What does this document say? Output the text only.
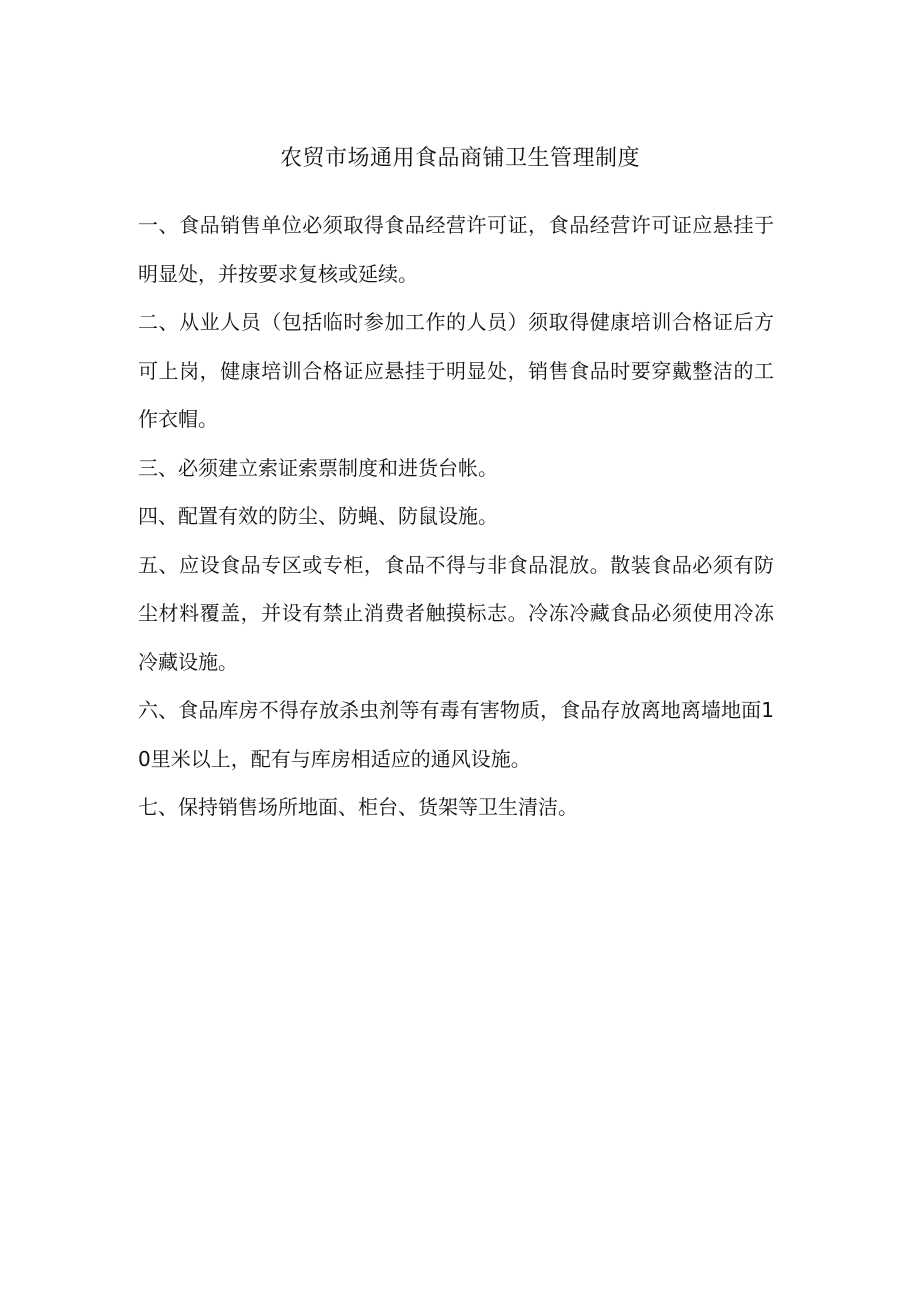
农贸市场通用食品商铺卫生管理制度
一、食品销售单位必须取得食品经营许可证，食品经营许可证应悬挂于明显处，并按要求复核或延续。
二、从业人员（包括临时参加工作的人员）须取得健康培训合格证后方可上岗，健康培训合格证应悬挂于明显处，销售食品时要穿戴整洁的工作衣帽。
三、必须建立索证索票制度和进货台帐。
四、配置有效的防尘、防蝇、防鼠设施。
五、应设食品专区或专柜，食品不得与非食品混放。散装食品必须有防尘材料覆盖，并设有禁止消费者触摸标志。冷冻冷藏食品必须使用冷冻冷藏设施。
六、食品库房不得存放杀虫剂等有毒有害物质，食品存放离地离墙地面10里米以上，配有与库房相适应的通风设施。
七、保持销售场所地面、柜台、货架等卫生清洁。
